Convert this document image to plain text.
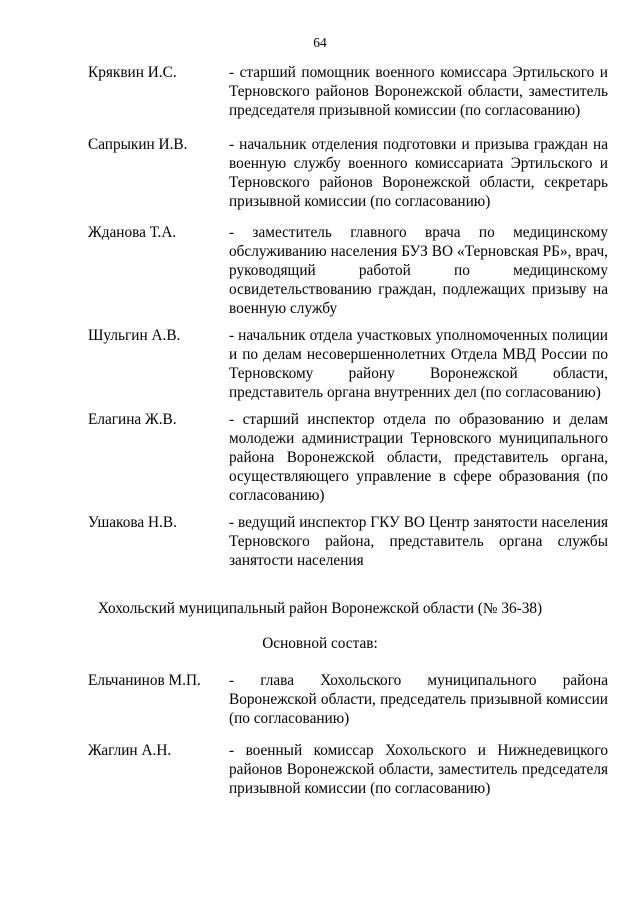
64
Кряквин И.С.	- старший помощник военного комиссара Эртильского и Терновского районов Воронежской области, заместитель председателя призывной комиссии (по согласованию)
Сапрыкин И.В.	- начальник отделения подготовки и призыва граждан на военную службу военного комиссариата Эртильского и Терновского районов Воронежской области, секретарь призывной комиссии (по согласованию)
Жданова Т.А.	- заместитель главного врача по медицинскому обслуживанию населения БУЗ ВО «Терновская РБ», врач, руководящий работой по медицинскому освидетельствованию граждан, подлежащих призыву на военную службу
Шульгин А.В.	- начальник отдела участковых уполномоченных полиции и по делам несовершеннолетних Отдела МВД России по Терновскому району Воронежской области, представитель органа внутренних дел (по согласованию)
Елагина Ж.В.	- старший инспектор отдела по образованию и делам молодежи администрации Терновского муниципального района Воронежской области, представитель органа, осуществляющего управление в сфере образования (по согласованию)
Ушакова Н.В.	- ведущий инспектор ГКУ ВО Центр занятости населения Терновского района, представитель органа службы занятости населения
Хохольский муниципальный район Воронежской области (№ 36-38)
Основной состав:
Ельчанинов М.П. - глава Хохольского муниципального района Воронежской области, председатель призывной комиссии (по согласованию)
Жаглин А.Н.	- военный комиссар Хохольского и Нижнедевицкого районов Воронежской области, заместитель председателя призывной комиссии (по согласованию)
